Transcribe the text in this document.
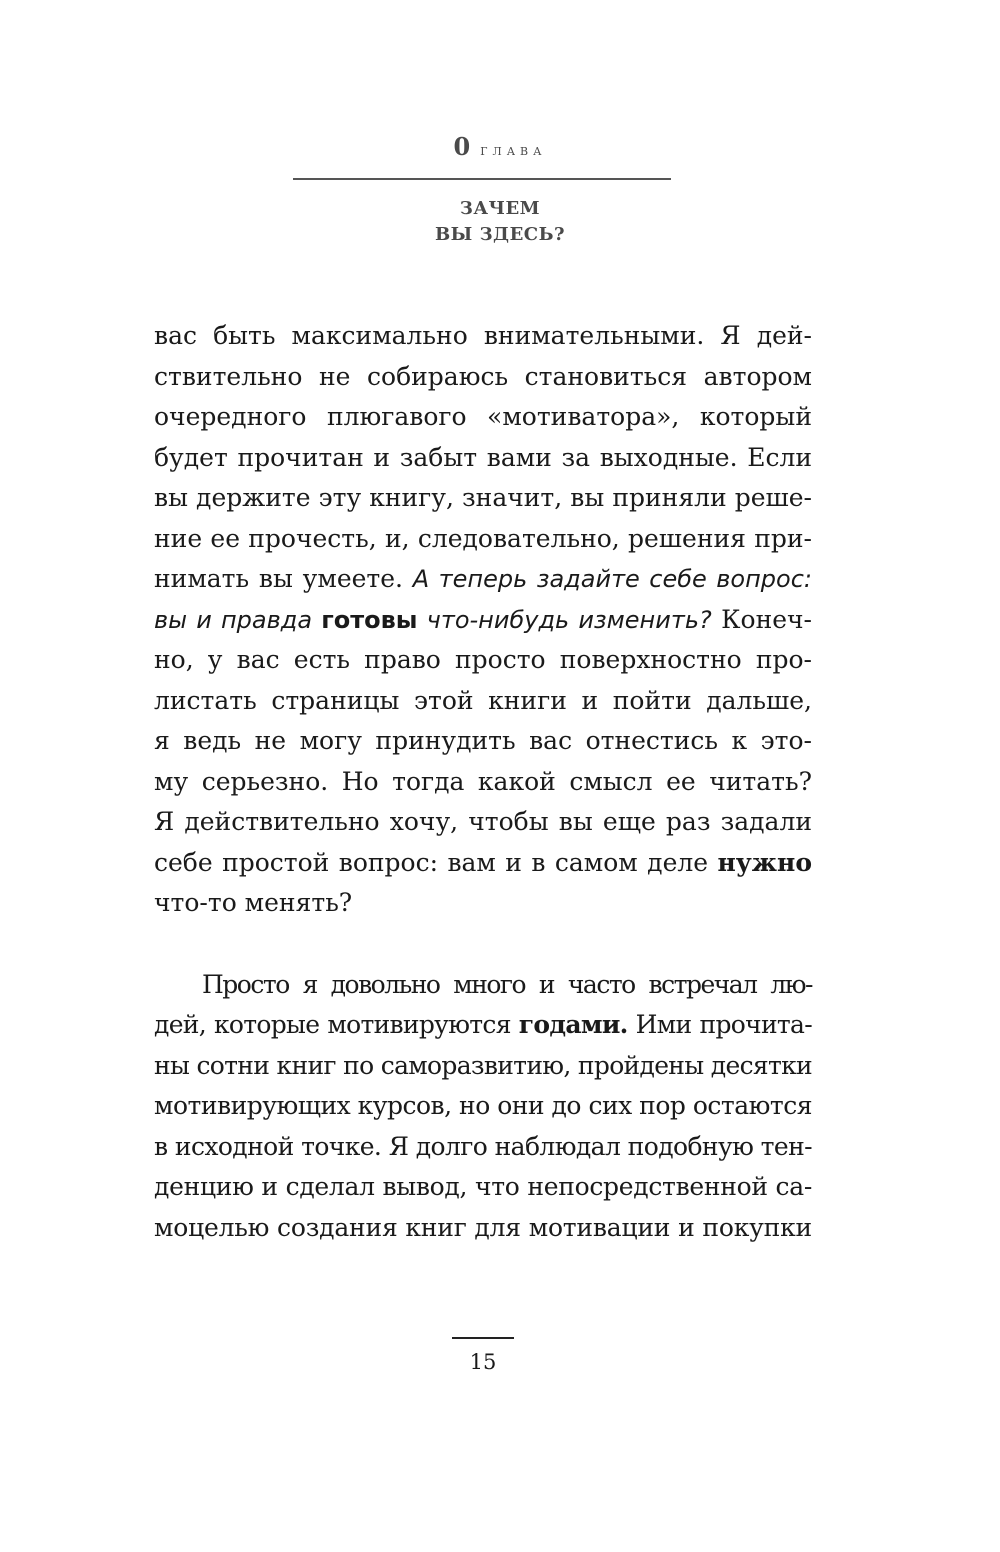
0 глава
ЗАЧЕМ
ВЫ ЗДЕСЬ?
вас быть максимально внимательными. Я дей-
ствительно не собираюсь становиться автором
очередного плюгавого «мотиватора», который
будет прочитан и забыт вами за выходные. Если
вы держите эту книгу, значит, вы приняли реше-
ние ее прочесть, и, следовательно, решения при-
нимать вы умеете. А теперь задайте себе вопрос:
вы и правда готовы что-нибудь изменить? Конеч-
но, у вас есть право просто поверхностно про-
листать страницы этой книги и пойти дальше,
я ведь не могу принудить вас отнестись к это-
му серьезно. Но тогда какой смысл ее читать?
Я действительно хочу, чтобы вы еще раз задали
себе простой вопрос: вам и в самом деле нужно
что-то менять?
Просто я довольно много и часто встречал лю-
дей, которые мотивируются годами. Ими прочита-
ны сотни книг по саморазвитию, пройдены десятки
мотивирующих курсов, но они до сих пор остаются
в исходной точке. Я долго наблюдал подобную тен-
денцию и сделал вывод, что непосредственной са-
моцелью создания книг для мотивации и покупки
15
